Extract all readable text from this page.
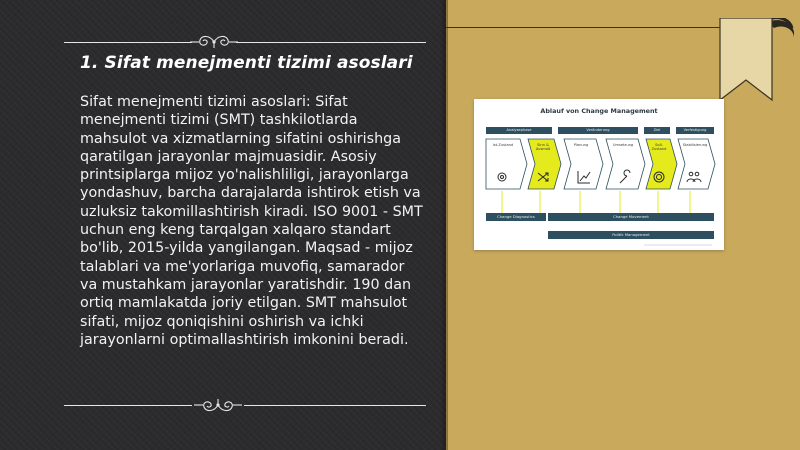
1. Sifat menejmenti tizimi asoslari
Sifat menejmenti tizimi asoslari: Sifat menejmenti tizimi (SMT) tashkilotlarda mahsulot va xizmatlarning sifatini oshirishga qaratilgan jarayonlar majmuasidir. Asosiy printsiplarga mijoz yo'nalishliligi, jarayonlarga yondashuv, barcha darajalarda ishtirok etish va uzluksiz takomillashtirish kiradi. ISO 9001 - SMT uchun eng keng tarqalgan xalqaro standart bo'lib, 2015-yilda yangilangan. Maqsad - mijoz talablari va me'yorlariga muvofiq, samarador va mustahkam jarayonlar yaratishdir. 190 dan ortiq mamlakatda joriy etilgan. SMT mahsulot sifati, mijoz qoniqishini oshirish va ichki jarayonlarni optimallashtirish imkonini beradi.
Ablauf von Change Management
Analysephase	Veränderung	Ziel	Verfestigung
Ist-Zustand	Sinn & Ausmaß
Planung	Umsetzung	Soll-Zustand
Stabilisierung
Change Diagnostics	Change Movement
Politik Management
